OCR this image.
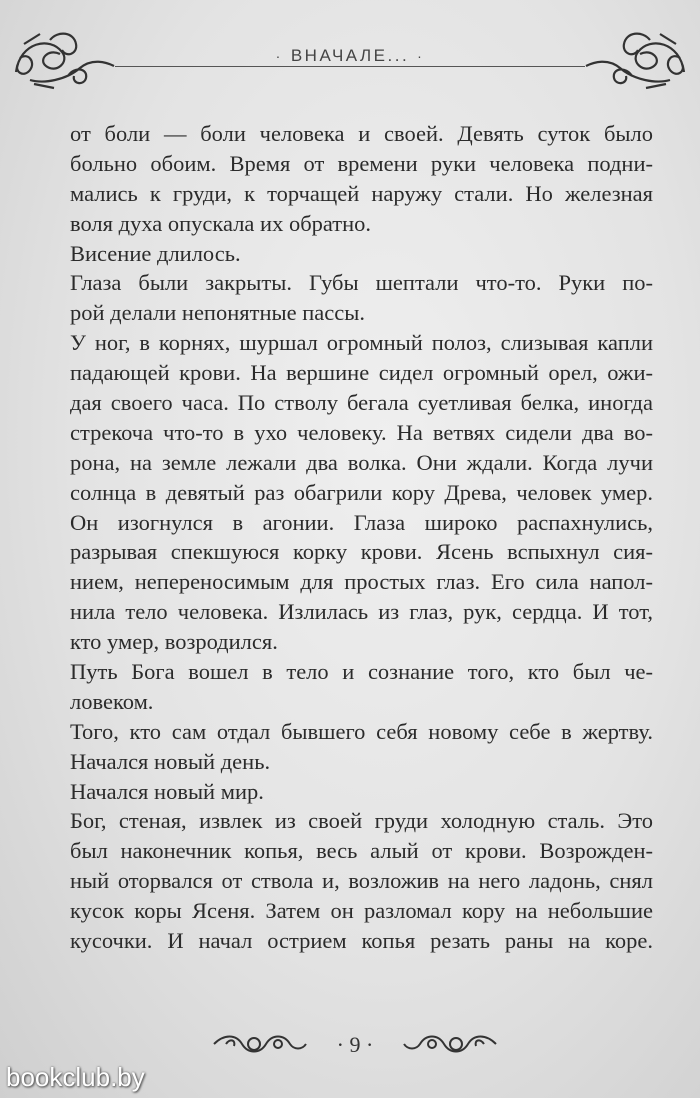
· ВНАЧАЛЕ... ·
от боли — боли человека и своей. Девять суток было
больно обоим. Время от времени руки человека подни-
мались к груди, к торчащей наружу стали. Но железная
воля духа опускала их обратно.
Висение длилось.
Глаза были закрыты. Губы шептали что-то. Руки по-
рой делали непонятные пассы.
У ног, в корнях, шуршал огромный полоз, слизывая капли
падающей крови. На вершине сидел огромный орел, ожи-
дая своего часа. По стволу бегала суетливая белка, иногда
стрекоча что-то в ухо человеку. На ветвях сидели два во-
рона, на земле лежали два волка. Они ждали. Когда лучи
солнца в девятый раз обагрили кору Древа, человек умер.
Он изогнулся в агонии. Глаза широко распахнулись,
разрывая спекшуюся корку крови. Ясень вспыхнул сия-
нием, непереносимым для простых глаз. Его сила напол-
нила тело человека. Излилась из глаз, рук, сердца. И тот,
кто умер, возродился.
Путь Бога вошел в тело и сознание того, кто был че-
ловеком.
Того, кто сам отдал бывшего себя новому себе в жертву.
Начался новый день.
Начался новый мир.
Бог, стеная, извлек из своей груди холодную сталь. Это
был наконечник копья, весь алый от крови. Возрожден-
ный оторвался от ствола и, возложив на него ладонь, снял
кусок коры Ясеня. Затем он разломал кору на небольшие
кусочки. И начал острием копья резать раны на коре.
· 9 ·
bookclub.by
